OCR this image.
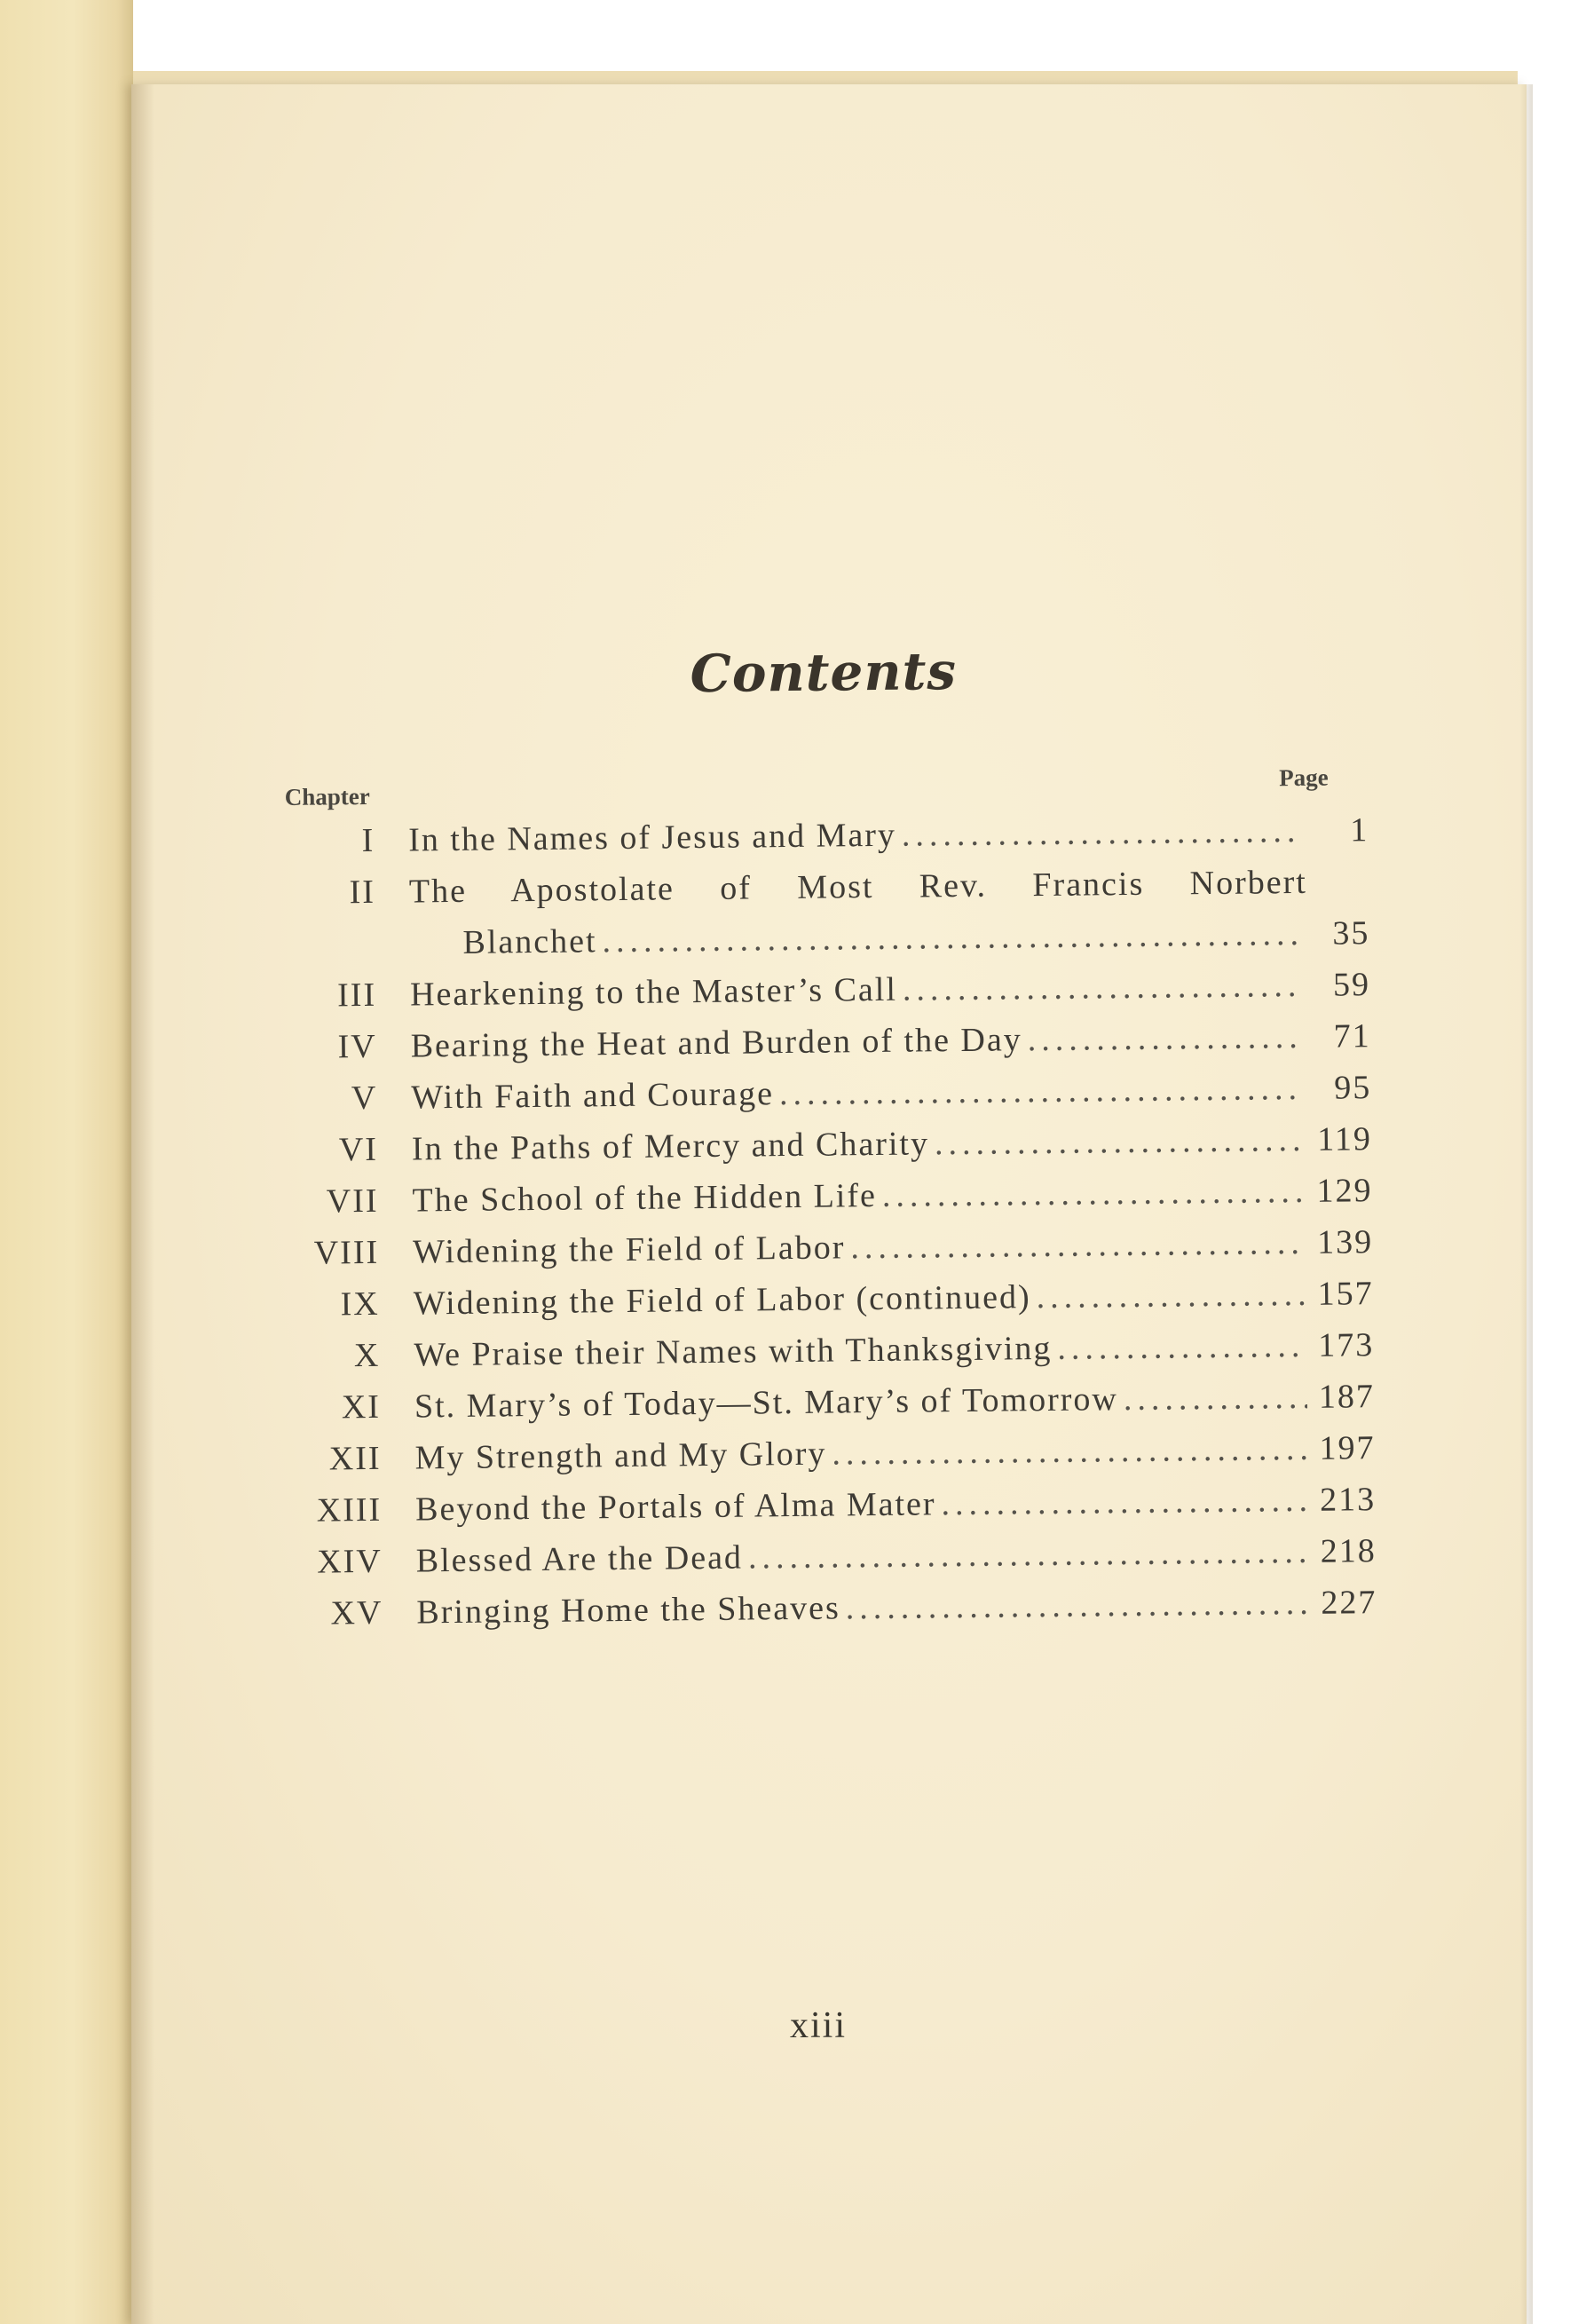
Contents
Chapter
Page
I In the Names of Jesus and Mary .....	1
II The Apostolate of Most Rev. Francis Norbert
Blanchet .....	35
III Hearkening to the Master’s Call .....	59
IV Bearing the Heat and Burden of the Day .....	71
V With Faith and Courage .....	95
VI In the Paths of Mercy and Charity .....	119
VII The School of the Hidden Life .....	129
VIII Widening the Field of Labor .....	139
IX Widening the Field of Labor (continued) .....	157
X We Praise their Names with Thanksgiving .....	173
XI St. Mary’s of Today—St. Mary’s of Tomorrow .....	187
XII My Strength and My Glory .....	197
XIII Beyond the Portals of Alma Mater .....	213
XIV Blessed Are the Dead .....	218
XV Bringing Home the Sheaves .....	227
xiii
